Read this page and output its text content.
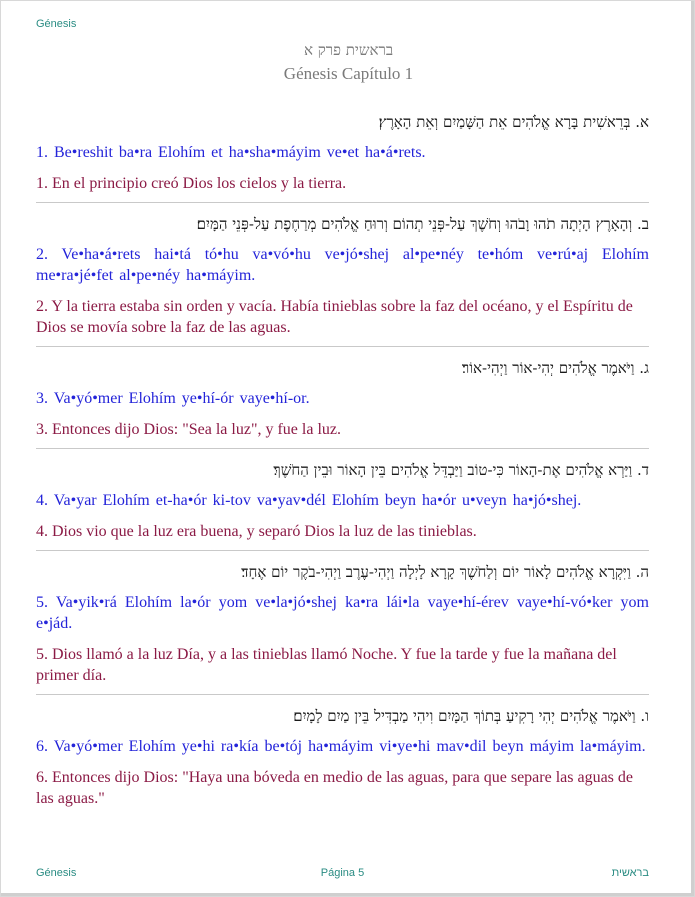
Génesis
בראשית פרק א
Génesis Capítulo 1
א. בְּרֵאשִׁית בָּרָא אֱלֹהִים אֵת הַשָּׁמַיִם וְאֵת הָאָרֶץ׃
1. Be•reshit ba•ra Elohím et ha•sha•máyim ve•et ha•á•rets.
1. En el principio creó Dios los cielos y la tierra.
ב. וְהָאָרֶץ הָיְתָה תֹהוּ וָבֹהוּ וְחֹשֶׁךְ עַל-פְּנֵי תְהוֹם וְרוּחַ אֱלֹהִים מְרַחֶפֶת עַל-פְּנֵי הַמָּיִם׃
2. Ve•ha•á•rets hai•tá tó•hu va•vó•hu ve•jó•shej al•pe•néy te•hóm ve•rú•aj Elohím me•ra•jé•fet al•pe•néy ha•máyim.
2. Y la tierra estaba sin orden y vacía. Había tinieblas sobre la faz del océano, y el Espíritu de Dios se movía sobre la faz de las aguas.
ג. וַיֹּאמֶר אֱלֹהִים יְהִי-אוֹר וַיְהִי-אוֹר׃
3. Va•yó•mer Elohím ye•hí-ór vaye•hí-or.
3. Entonces dijo Dios: "Sea la luz", y fue la luz.
ד. וַיַּרְא אֱלֹהִים אֶת-הָאוֹר כִּי-טוֹב וַיַּבְדֵּל אֱלֹהִים בֵּין הָאוֹר וּבֵין הַחֹשֶׁךְ׃
4. Va•yar Elohím et-ha•ór ki-tov va•yav•dél Elohím beyn ha•ór u•veyn ha•jó•shej.
4. Dios vio que la luz era buena, y separó Dios la luz de las tinieblas.
ה. וַיִּקְרָא אֱלֹהִים לָאוֹר יוֹם וְלַחֹשֶׁךְ קָרָא לָיְלָה וַיְהִי-עֶרֶב וַיְהִי-בֹקֶר יוֹם אֶחָד׃
5. Va•yik•rá Elohím la•ór yom ve•la•jó•shej ka•ra lái•la vaye•hí-érev vaye•hí-vó•ker yom e•jád.
5. Dios llamó a la luz Día, y a las tinieblas llamó Noche. Y fue la tarde y fue la mañana del primer día.
ו. וַיֹּאמֶר אֱלֹהִים יְהִי רָקִיעַ בְּתוֹךְ הַמָּיִם וִיהִי מַבְדִּיל בֵּין מַיִם לָמָיִם׃
6. Va•yó•mer Elohím ye•hi ra•kía be•tój ha•máyim vi•ye•hi mav•dil beyn máyim la•máyim.
6. Entonces dijo Dios: "Haya una bóveda en medio de las aguas, para que separe las aguas de las aguas."
Génesis	Página 5	בראשית
